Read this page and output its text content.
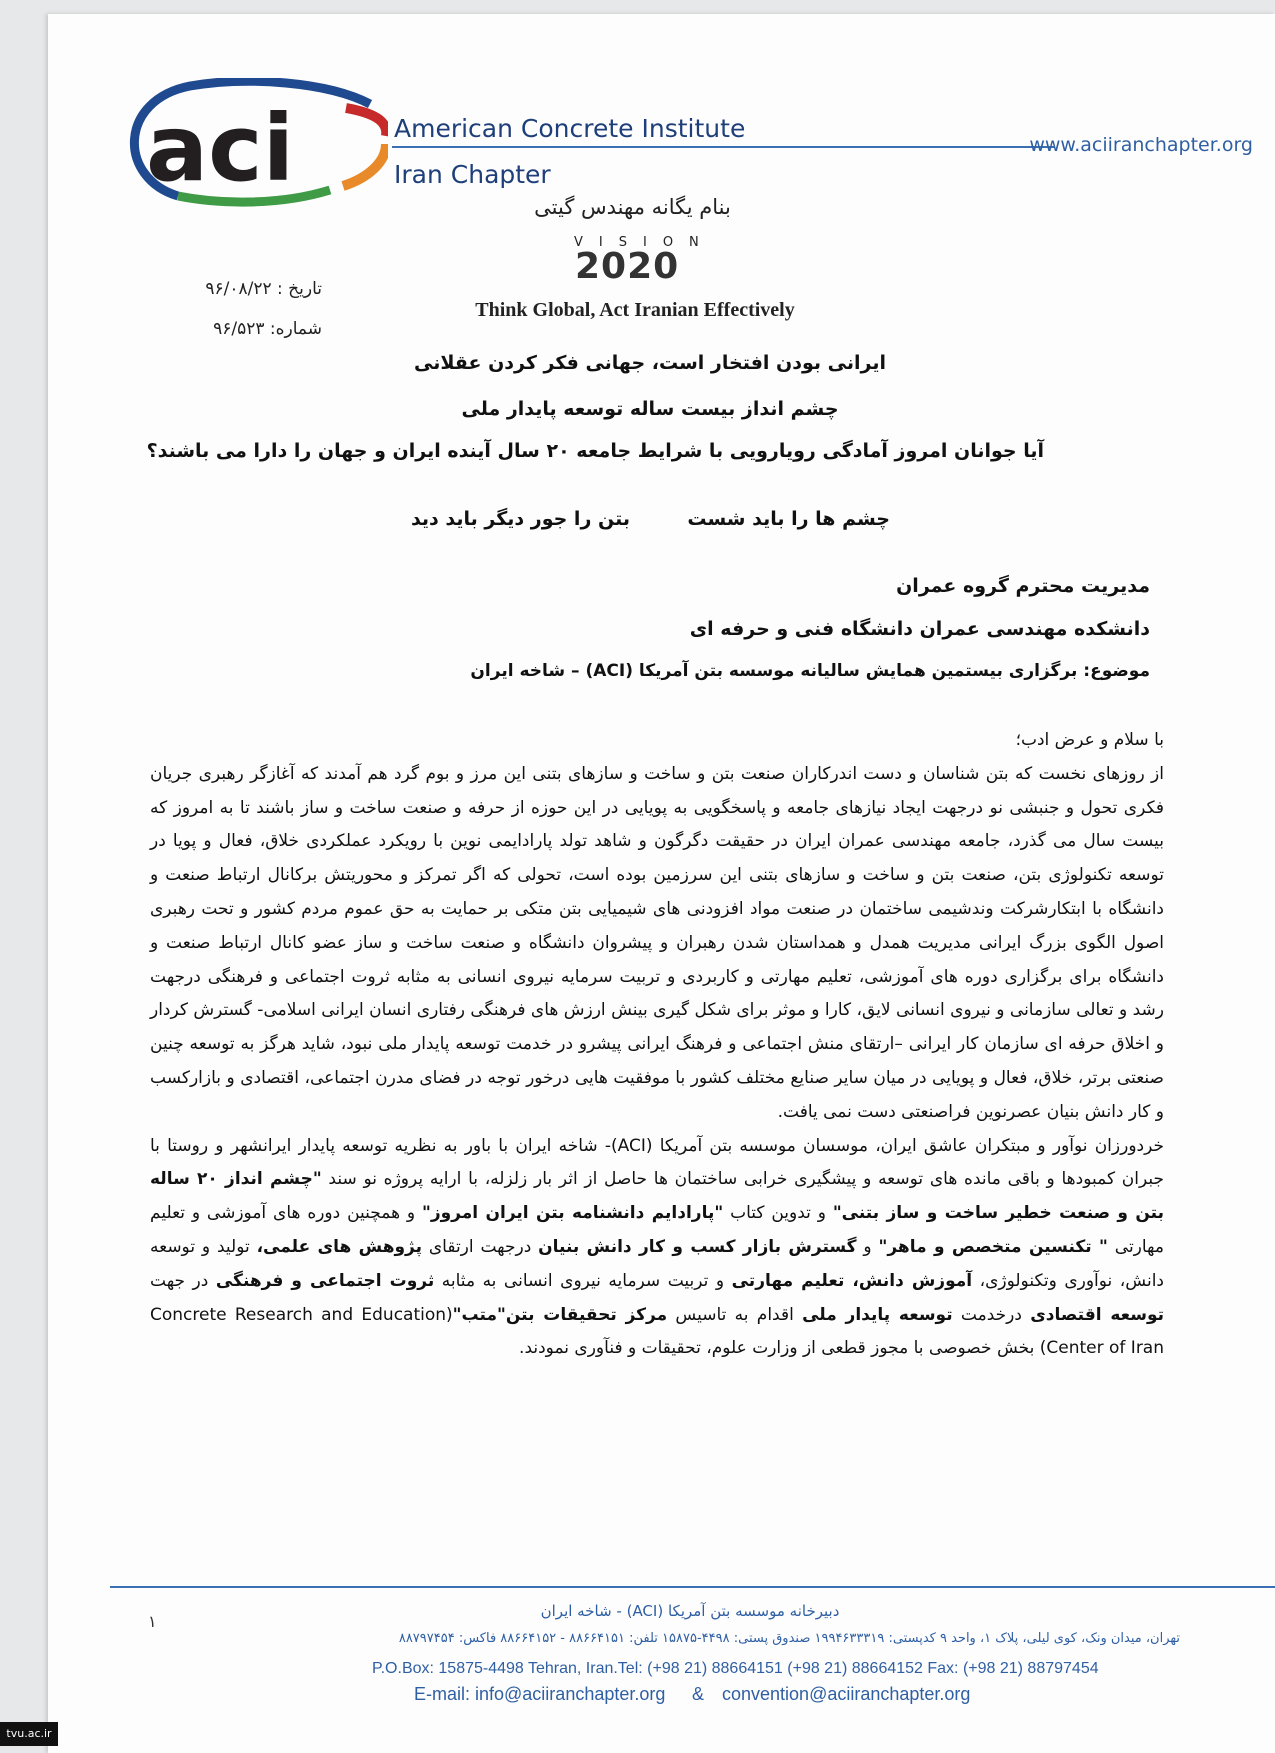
aci	American Concrete Institute
Iran Chapter
www.aciiranchapter.org
بنام یگانه مهندس گیتی
VISION
2020
Think Global, Act Iranian Effectively
تاریخ : ۹۶/۰۸/۲۲
شماره: ۹۶/۵۲۳
ایرانی بودن افتخار است، جهانی فکر کردن عقلانی
چشم انداز بیست ساله توسعه پایدار ملی
آیا جوانان امروز آمادگی رویارویی با شرایط جامعه ۲۰ سال آینده ایران و جهان را دارا می باشند؟
چشم ها را باید شست
بتن را جور دیگر باید دید
مدیریت محترم گروه عمران
دانشکده مهندسی عمران دانشگاه فنی و حرفه ای
موضوع: برگزاری بیستمین همایش سالیانه موسسه بتن آمریکا (ACI) – شاخه ایران

با سلام و عرض ادب؛

از روزهای نخست که بتن شناسان و دست اندرکاران صنعت بتن و ساخت و سازهای بتنی این مرز و بوم گرد هم آمدند که آغازگر رهبری جریان فکری تحول و جنبشی نو درجهت ایجاد نیازهای جامعه و پاسخگویی به پویایی در این حوزه از حرفه و صنعت ساخت و ساز باشند تا به امروز که بیست سال می گذرد، جامعه مهندسی عمران ایران در حقیقت دگرگون و شاهد تولد پارادایمی نوین با رویکرد عملکردی خلاق، فعال و پویا در توسعه تکنولوژی بتن، صنعت بتن و ساخت و سازهای بتنی این سرزمین بوده است، تحولی که اگر تمرکز و محوریتش برکانال ارتباط صنعت و دانشگاه با ابتکارشرکت وندشیمی ساختمان در صنعت مواد افزودنی های شیمیایی بتن متکی بر حمایت به حق عموم مردم کشور و تحت رهبری اصول الگوی بزرگ ایرانی مدیریت همدل و همداستان شدن رهبران و پیشروان دانشگاه و صنعت ساخت و ساز عضو کانال ارتباط صنعت و دانشگاه برای برگزاری دوره های آموزشی، تعلیم مهارتی و کاربردی و تربیت سرمایه نیروی انسانی به مثابه ثروت اجتماعی و فرهنگی درجهت رشد و تعالی سازمانی و نیروی انسانی لایق، کارا و موثر برای شکل گیری بینش ارزش های فرهنگی رفتاری انسان ایرانی اسلامی- گسترش کردار و اخلاق حرفه ای سازمان کار ایرانی –ارتقای منش اجتماعی و فرهنگ ایرانی پیشرو در خدمت توسعه پایدار ملی نبود، شاید هرگز به توسعه چنین صنعتی برتر، خلاق، فعال و پویایی در میان سایر صنایع مختلف کشور با موفقیت هایی درخور توجه در فضای مدرن اجتماعی، اقتصادی و بازارکسب و کار دانش بنیان عصرنوین فراصنعتی دست نمی یافت.

خردورزان نوآور و مبتکران عاشق ایران، موسسان موسسه بتن آمریکا (ACI)- شاخه ایران با باور به نظریه توسعه پایدار ایرانشهر و روستا با جبران کمبودها و باقی مانده های توسعه و پیشگیری خرابی ساختمان ها حاصل از اثر بار زلزله، با ارایه پروژه نو سند "چشم انداز ۲۰ ساله بتن و صنعت خطیر ساخت و ساز بتنی" و تدوین کتاب "پارادایم دانشنامه بتن ایران امروز" و همچنین دوره های آموزشی و تعلیم مهارتی " تکنسین متخصص و ماهر" و گسترش بازار کسب و کار دانش بنیان درجهت ارتقای پژوهش های علمی، تولید و توسعه دانش، نوآوری وتکنولوژی، آموزش دانش، تعلیم مهارتی و تربیت سرمایه نیروی انسانی به مثابه ثروت اجتماعی و فرهنگی در جهت توسعه اقتصادی درخدمت توسعه پایدار ملی اقدام به تاسیس مرکز تحقیقات بتن"متب"(Concrete Research and Education Center of Iran) بخش خصوصی با مجوز قطعی از وزارت علوم، تحقیقات و فنآوری نمودند.

۱
دبیرخانه موسسه بتن آمریکا (ACI) - شاخه ایران
تهران، میدان ونک، کوی لیلی، پلاک ۱، واحد ۹ کدپستی: ۱۹۹۴۶۳۳۳۱۹ صندوق پستی: ۴۴۹۸-۱۵۸۷۵ تلفن: ۸۸۶۶۴۱۵۱ - ۸۸۶۶۴۱۵۲ فاکس: ۸۸۷۹۷۴۵۴
P.O.Box: 15875-4498 Tehran, Iran.Tel: (+98 21) 88664151 (+98 21) 88664152 Fax: (+98 21) 88797454
E-mail: info@aciiranchapter.org & convention@aciiranchapter.org
tvu.ac.ir
